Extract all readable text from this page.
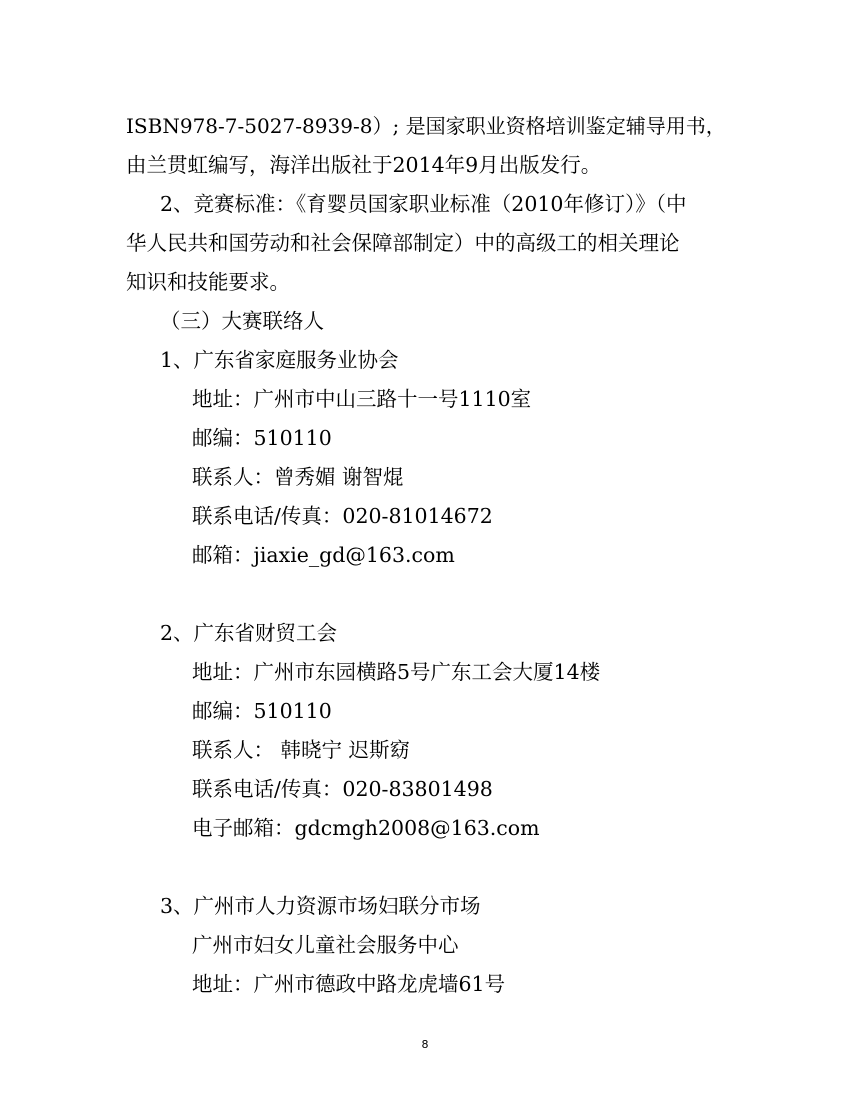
ISBN978-7-5027-8939-8）; 是国家职业资格培训鉴定辅导用书，
由兰贯虹编写，海洋出版社于2014年9月出版发行。
2、竞赛标准：《育婴员国家职业标准（2010年修订）》（中
华人民共和国劳动和社会保障部制定）中的高级工的相关理论
知识和技能要求。
（三）大赛联络人
1、广东省家庭服务业协会
地址：广州市中山三路十一号1110室
邮编：510110
联系人：曾秀媚 谢智焜
联系电话/传真：020-81014672
邮箱：jiaxie_gd@163.com
2、广东省财贸工会
地址：广州市东园横路5号广东工会大厦14楼
邮编：510110
联系人： 韩晓宁 迟斯窈
联系电话/传真：020-83801498
电子邮箱：gdcmgh2008@163.com
3、广州市人力资源市场妇联分市场
广州市妇女儿童社会服务中心
地址：广州市德政中路龙虎墙61号
8
